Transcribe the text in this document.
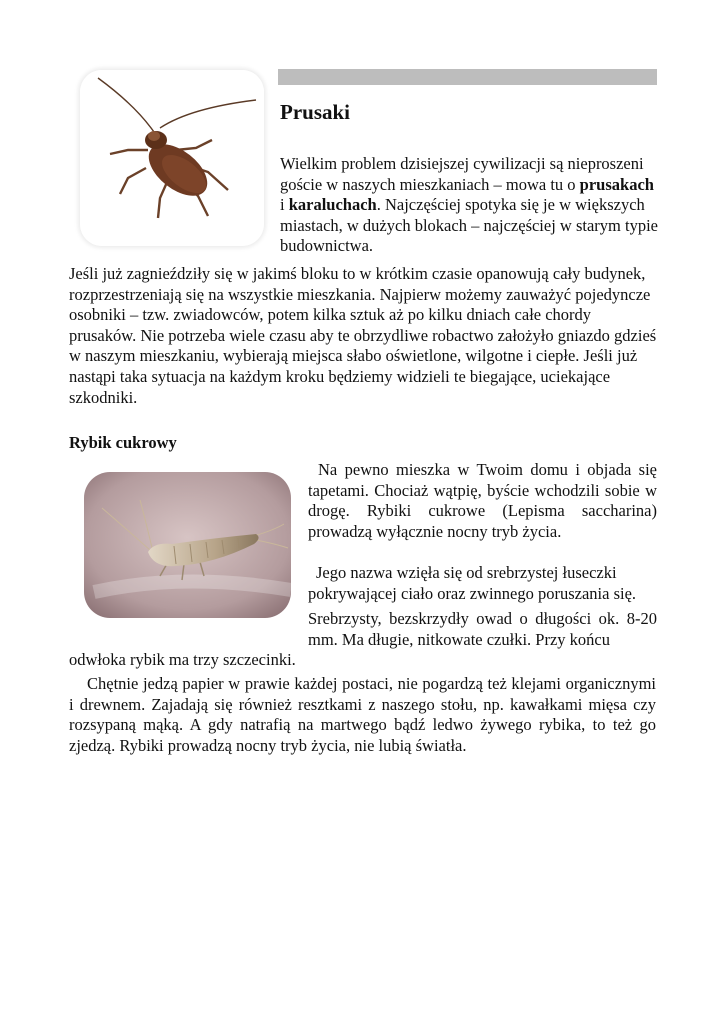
Prusaki

Wielkim problem dzisiejszej cywilizacji są nieproszeni goście w naszych mieszkaniach – mowa tu o prusakach i karaluchach. Najczęściej spotyka się je w większych miastach, w dużych blokach – najczęściej w starym typie budownictwa.

Jeśli już zagnieździły się w jakimś bloku to w krótkim czasie opanowują cały budynek, rozprzestrzeniają się na wszystkie mieszkania. Najpierw możemy zauważyć pojedyncze osobniki – tzw. zwiadowców, potem kilka sztuk aż po kilku dniach całe chordy prusaków. Nie potrzeba wiele czasu aby te obrzydliwe robactwo założyło gniazdo gdzieś w naszym mieszkaniu, wybierają miejsca słabo oświetlone, wilgotne i ciepłe. Jeśli już nastąpi taka sytuacja na każdym kroku będziemy widzieli te biegające, uciekające szkodniki.

Rybik cukrowy

Na pewno mieszka w Twoim domu i objada się tapetami. Chociaż wątpię, byście wchodzili sobie w drogę. Rybiki cukrowe (Lepisma saccharina) prowadzą wyłącznie nocny tryb życia.

Jego nazwa wzięła się od srebrzystej łuseczki pokrywającej ciało oraz zwinnego poruszania się.

Srebrzysty, bezskrzydły owad o długości ok. 8-20 mm. Ma długie, nitkowate czułki. Przy końcu

odwłoka rybik ma trzy szczecinki.

Chętnie jedzą papier w prawie każdej postaci, nie pogardzą też klejami organicznymi i drewnem. Zajadają się również resztkami z naszego stołu, np. kawałkami mięsa czy rozsypaną mąką. A gdy natrafią na martwego bądź ledwo żywego rybika, to też go zjedzą. Rybiki prowadzą nocny tryb życia, nie lubią światła.
